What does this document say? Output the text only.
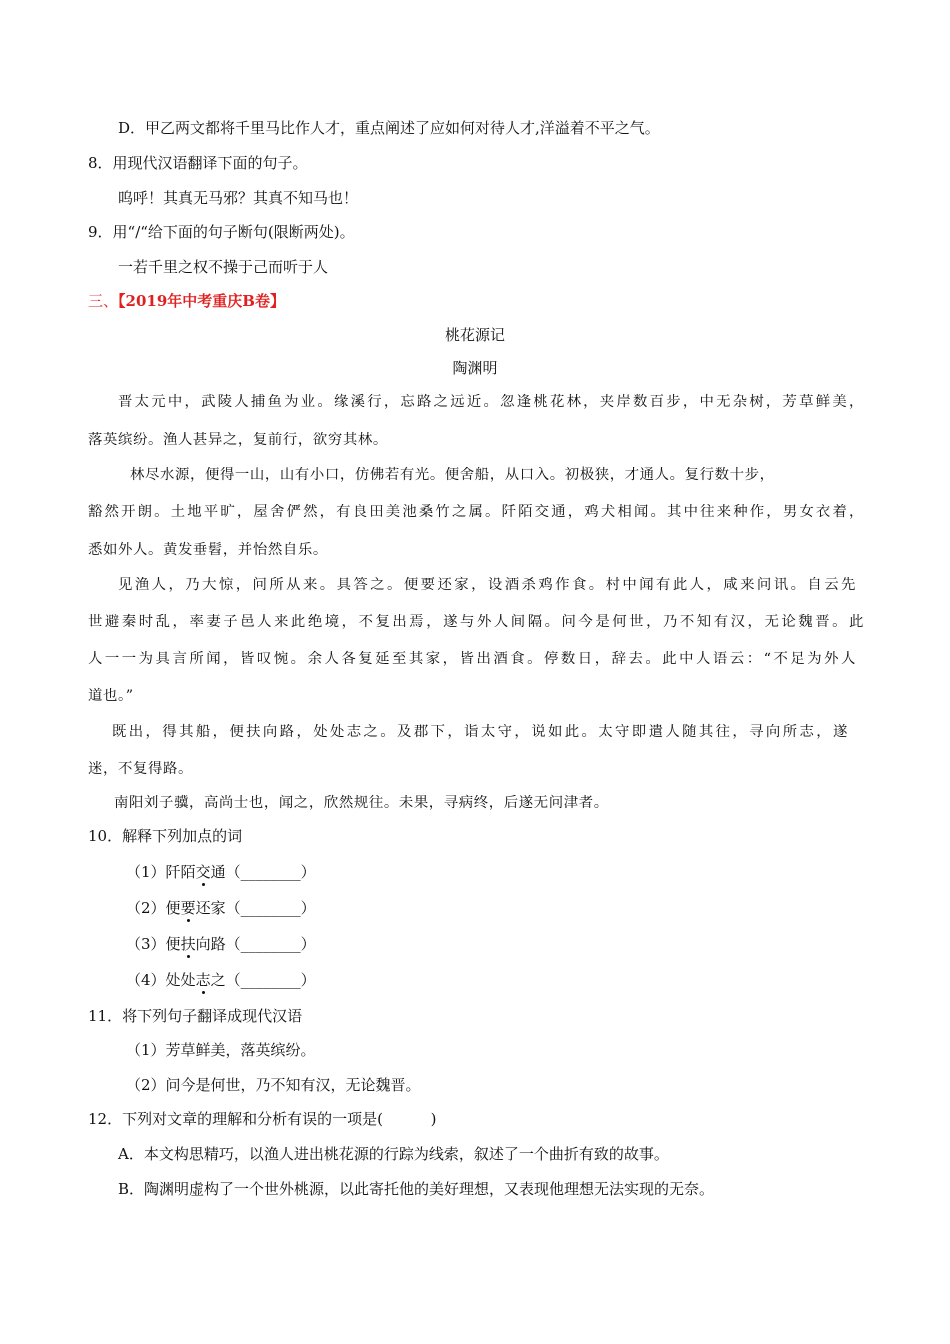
D．甲乙两文都将千里马比作人才，重点阐述了应如何对待人才,洋溢着不平之气。
8．用现代汉语翻译下面的句子。
呜呼！其真无马邪？其真不知马也！
9．用“/“给下面的句子断句(限断两处)。
一若千里之权不操于己而听于人
三、【2019年中考重庆B卷】
桃花源记
陶渊明
晋太元中，武陵人捕鱼为业。缘溪行，忘路之远近。忽逢桃花林，夹岸数百步，中无杂树，芳草鲜美，
落英缤纷。渔人甚异之，复前行，欲穷其林。
林尽水源，便得一山，山有小口，仿佛若有光。便舍船，从口入。初极狭，才通人。复行数十步，
豁然开朗。土地平旷，屋舍俨然，有良田美池桑竹之属。阡陌交通，鸡犬相闻。其中往来种作，男女衣着，
悉如外人。黄发垂髫，并怡然自乐。
见渔人，乃大惊，问所从来。具答之。便要还家，设酒杀鸡作食。村中闻有此人，咸来问讯。自云先
世避秦时乱，率妻子邑人来此绝境，不复出焉，遂与外人间隔。问今是何世，乃不知有汉，无论魏晋。此
人一一为具言所闻，皆叹惋。余人各复延至其家，皆出酒食。停数日，辞去。此中人语云：“不足为外人
道也。”
既出，得其船，便扶向路，处处志之。及郡下，诣太守，说如此。太守即遣人随其往，寻向所志，遂
迷，不复得路。
南阳刘子骥，高尚士也，闻之，欣然规往。未果，寻病终，后遂无问津者。
10．解释下列加点的词
（1）阡陌交通（________）
（2）便要还家（________）
（3）便扶向路（________）
（4）处处志之（________）
11．将下列句子翻译成现代汉语
（1）芳草鲜美，落英缤纷。
（2）问今是何世，乃不知有汉，无论魏晋。
12．下列对文章的理解和分析有误的一项是(          )
A．本文构思精巧，以渔人进出桃花源的行踪为线索，叙述了一个曲折有致的故事。
B．陶渊明虚构了一个世外桃源，以此寄托他的美好理想，又表现他理想无法实现的无奈。
